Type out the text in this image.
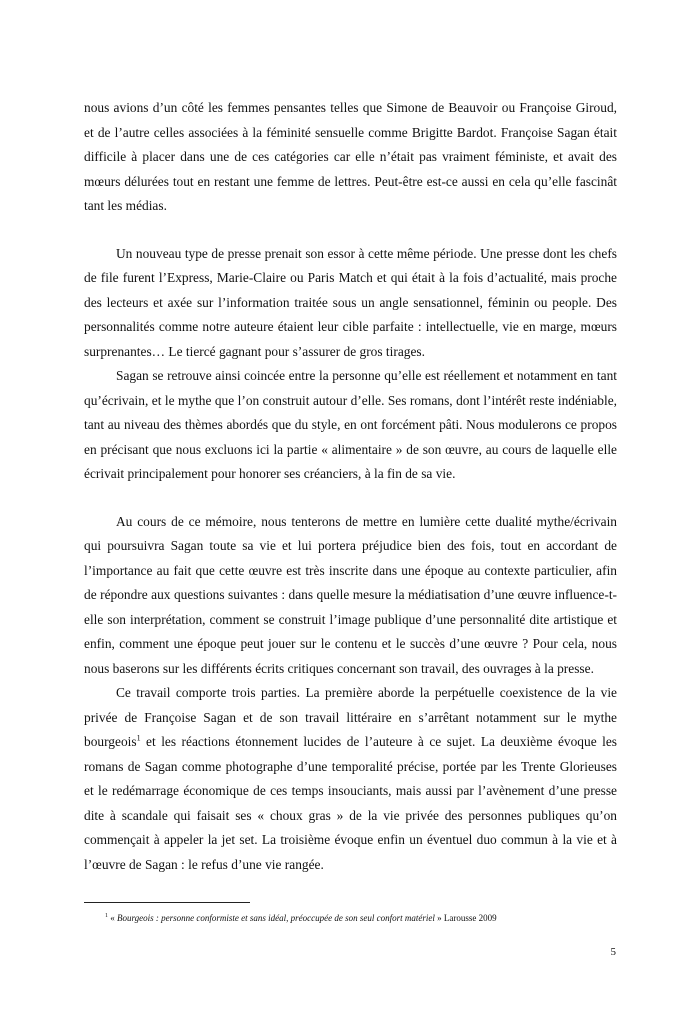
nous avions d’un côté les femmes pensantes telles que Simone de Beauvoir ou Françoise Giroud, et de l’autre celles associées à la féminité sensuelle comme Brigitte Bardot. Françoise Sagan était difficile à placer dans une de ces catégories car elle n’était pas vraiment féministe, et avait des mœurs délurées tout en restant une femme de lettres. Peut-être est-ce aussi en cela qu’elle fascinât tant les médias.

Un nouveau type de presse prenait son essor à cette même période. Une presse dont les chefs de file furent l’Express, Marie-Claire ou Paris Match et qui était à la fois d’actualité, mais proche des lecteurs et axée sur l’information traitée sous un angle sensationnel, féminin ou people. Des personnalités comme notre auteure étaient leur cible parfaite : intellectuelle, vie en marge, mœurs surprenantes… Le tiercé gagnant pour s’assurer de gros tirages.

Sagan se retrouve ainsi coincée entre la personne qu’elle est réellement et notamment en tant qu’écrivain, et le mythe que l’on construit autour d’elle. Ses romans, dont l’intérêt reste indéniable, tant au niveau des thèmes abordés que du style, en ont forcément pâti. Nous modulerons ce propos en précisant que nous excluons ici la partie « alimentaire » de son œuvre, au cours de laquelle elle écrivait principalement pour honorer ses créanciers, à la fin de sa vie.

Au cours de ce mémoire, nous tenterons de mettre en lumière cette dualité mythe/écrivain qui poursuivra Sagan toute sa vie et lui portera préjudice bien des fois, tout en accordant de l’importance au fait que cette œuvre est très inscrite dans une époque au contexte particulier, afin de répondre aux questions suivantes : dans quelle mesure la médiatisation d’une œuvre influence-t-elle son interprétation, comment se construit l’image publique d’une personnalité dite artistique et enfin, comment une époque peut jouer sur le contenu et le succès d’une œuvre ? Pour cela, nous nous baserons sur les différents écrits critiques concernant son travail, des ouvrages à la presse.

Ce travail comporte trois parties. La première aborde la perpétuelle coexistence de la vie privée de Françoise Sagan et de son travail littéraire en s’arrêtant notamment sur le mythe bourgeois$^1$ et les réactions étonnement lucides de l’auteure à ce sujet. La deuxième évoque les romans de Sagan comme photographe d’une temporalité précise, portée par les Trente Glorieuses et le redémarrage économique de ces temps insouciants, mais aussi par l’avènement d’une presse dite à scandale qui faisait ses « choux gras » de la vie privée des personnes publiques qu’on commençait à appeler la jet set. La troisième évoque enfin un éventuel duo commun à la vie et à l’œuvre de Sagan : le refus d’une vie rangée.

$^1$ « Bourgeois : personne conformiste et sans idéal, préoccupée de son seul confort matériel » Larousse 2009
5
